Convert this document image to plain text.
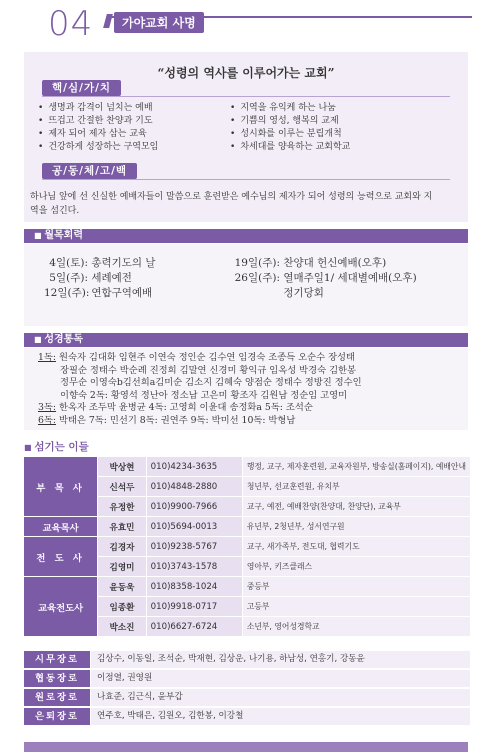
04	가야교회 사명
“성령의 역사를 이루어가는 교회”
핵/심/가/치
• 생명과 감격이 넘치는 예배
• 뜨겁고 간절한 찬양과 기도
• 제자 되어 제자 삼는 교육
• 건강하게 성장하는 구역모임
• 지역을 유익케 하는 나눔
• 기쁨의 영성, 행복의 교제
• 성시화를 이루는 분립개척
• 차세대를 양육하는 교회학교
공/동/체/고/백
하나님 앞에 선 신실한 예배자들이 말씀으로 훈련받은 예수님의 제자가 되어 성령의 능력으로 교회와 지역을 섬긴다.
■ 월목회력
4일(토): 총력기도의 날
5일(주): 세례예전
12일(주): 연합구역예배
19일(주): 찬양대 헌신예배(오후)
26일(주): 열매주일1/ 세대별예배(오후)
정기당회
■ 성경통독
1독: 원숙자 김대화 임현주 이연숙 정인순 김수연 임경숙 조종득 오순수 장성태
장필순 정태수 박순례 진정희 김말연 신경미 황익규 임옥성 박경숙 김한봉
정무순 이영숙b김선희a김미순 김소지 김혜숙 양점순 정태수 정방진 정수인
이향숙 2독: 황영석 정난아 정소남 고은미 황조자 김원남 정순임 고영미
3독: 한옥자 조두막 윤병균 4독: 고영희 이윤대 송정화a 5독: 조석순
6독: 박태은 7독: 민선기 8독: 권연주 9독: 박미선 10독: 박형남
■ 섬기는 이들
부 목 사	박상현	010)4234-3635	행정, 교구, 제자훈련원, 교육자원부, 방송실(홈페이지), 예배안내
	신석두	010)4848-2880	청년부, 선교훈련원, 유치부
	유정한	010)9900-7966	교구, 예전, 예배찬양(찬양대, 찬양단), 교육부
교육목사	유효민	010)5694-0013	유년부, 2청년부, 성서연구원
전 도 사	김경자	010)9238-5767	교구, 새가족부, 전도대, 협력기도
	김영미	010)3743-1578	영아부, 키즈클래스
교육전도사	윤동욱	010)8358-1024	중등부
	임종환	010)9918-0717	고등부
	박소진	010)6627-6724	소년부, 영어성경학교
시무장로	김상수, 이동일, 조석순, 박재현, 김상운, 나기용, 하남성, 연홍기, 강동윤
협동장로	이정열, 권영원
원로장로	나효준, 김근식, 윤부갑
은퇴장로	연주호, 박태은, 김원오, 김한봉, 이강철
